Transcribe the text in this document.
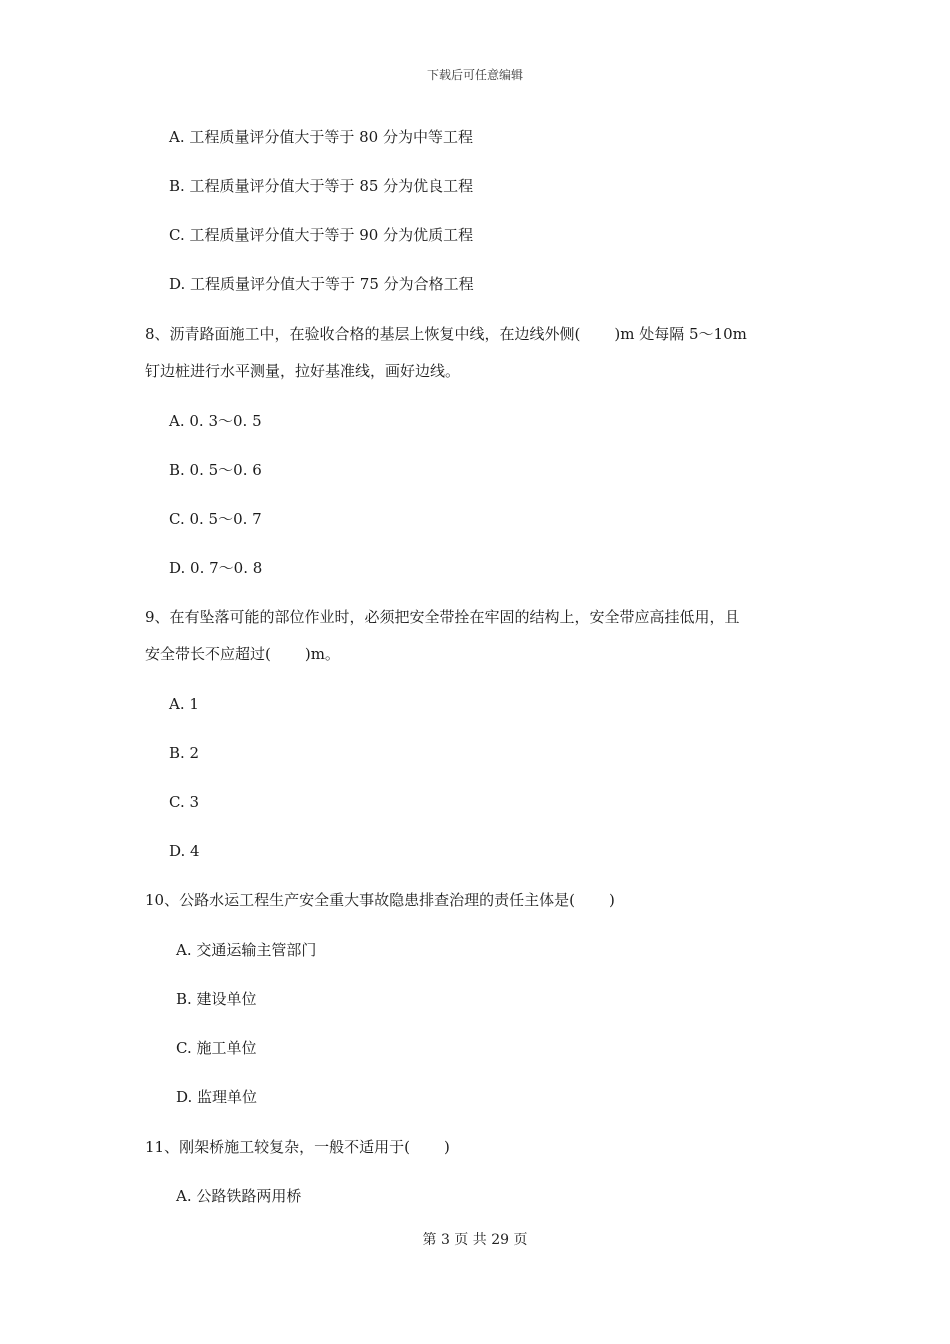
下载后可任意编辑
A. 工程质量评分值大于等于 80 分为中等工程
B. 工程质量评分值大于等于 85 分为优良工程
C. 工程质量评分值大于等于 90 分为优质工程
D. 工程质量评分值大于等于 75 分为合格工程
8、沥青路面施工中，在验收合格的基层上恢复中线，在边线外侧( )m 处每隔 5～10m
钉边桩进行水平测量，拉好基准线，画好边线。
A. 0. 3～0. 5
B. 0. 5～0. 6
C. 0. 5～0. 7
D. 0. 7～0. 8
9、在有坠落可能的部位作业时，必须把安全带拴在牢固的结构上，安全带应高挂低用，且
安全带长不应超过( )m。
A. 1
B. 2
C. 3
D. 4
10、公路水运工程生产安全重大事故隐患排查治理的责任主体是( )
A. 交通运输主管部门
B. 建设单位
C. 施工单位
D. 监理单位
11、刚架桥施工较复杂，一般不适用于( )
A. 公路铁路两用桥
第 3 页 共 29 页
